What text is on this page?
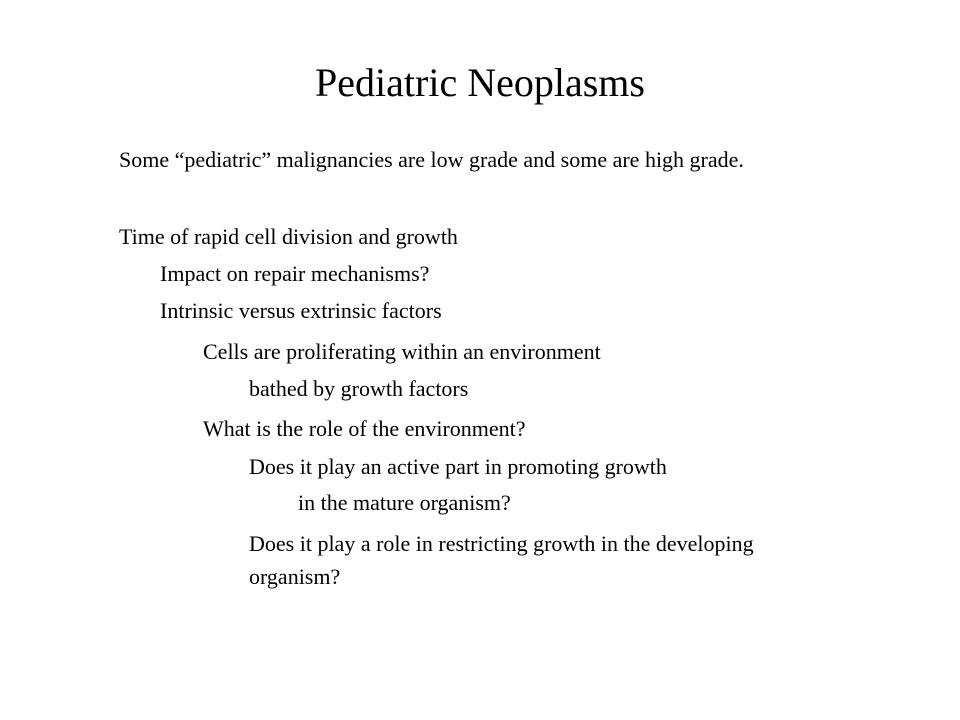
Pediatric Neoplasms
Some “pediatric” malignancies are low grade and some are high grade.
Time of rapid cell division and growth
Impact on repair mechanisms?
Intrinsic versus extrinsic factors
Cells are proliferating within an environment
bathed by growth factors
What is the role of the environment?
Does it play an active part in promoting growth
in the mature organism?
Does it play a role in restricting growth in the developing
organism?
